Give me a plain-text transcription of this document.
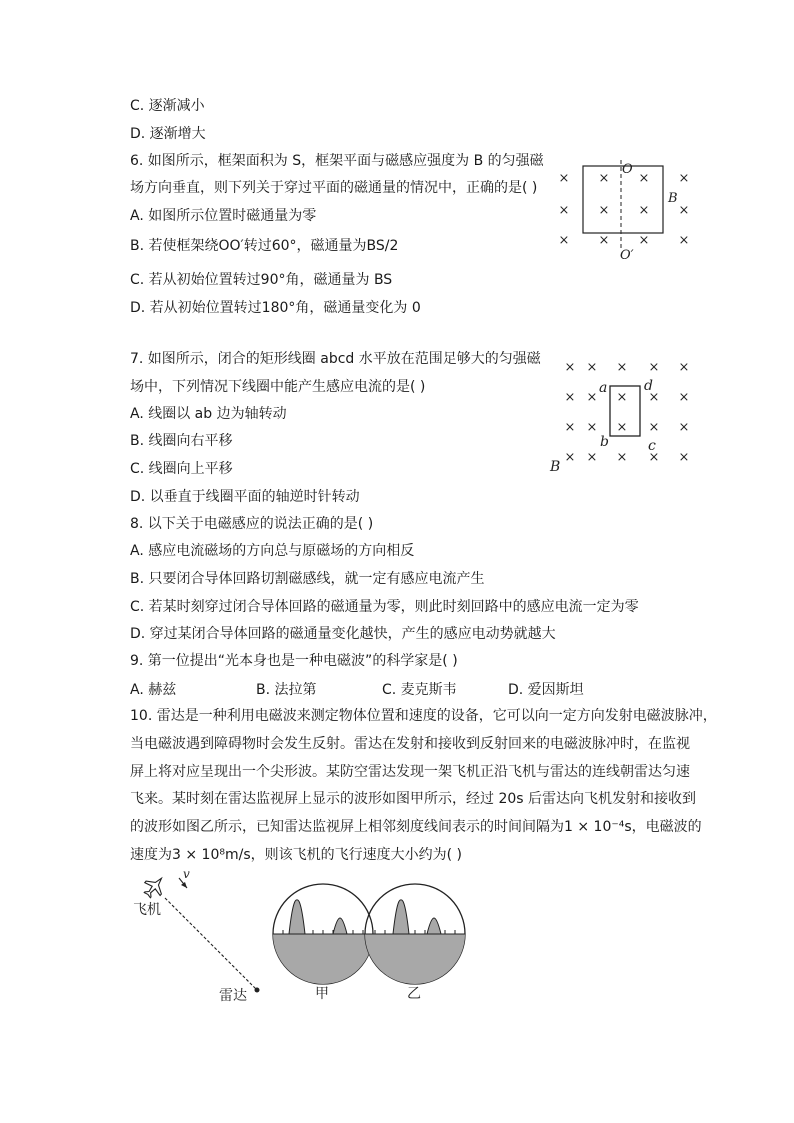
C. 逐渐减小
D. 逐渐增大
6. 如图所示，框架面积为 S，框架平面与磁感应强度为 B 的匀强磁
场方向垂直，则下列关于穿过平面的磁通量的情况中，正确的是( )
A. 如图所示位置时磁通量为零
B. 若使框架绕OO′转过60°，磁通量为BS/2
C. 若从初始位置转过90°角，磁通量为 BS
D. 若从初始位置转过180°角，磁通量变化为 0
× × × ×
× × × ×
× × × ×
O
O′
B
7. 如图所示，闭合的矩形线圈 abcd 水平放在范围足够大的匀强磁
场中，下列情况下线圈中能产生感应电流的是( )
A. 线圈以 ab 边为轴转动
B. 线圈向右平移
C. 线圈向上平移
D. 以垂直于线圈平面的轴逆时针转动
× × × × ×
× × × × ×
× × × × ×
× × × × ×
a	d
b	c
B
8. 以下关于电磁感应的说法正确的是( )
A. 感应电流磁场的方向总与原磁场的方向相反
B. 只要闭合导体回路切割磁感线，就一定有感应电流产生
C. 若某时刻穿过闭合导体回路的磁通量为零，则此时刻回路中的感应电流一定为零
D. 穿过某闭合导体回路的磁通量变化越快，产生的感应电动势就越大
9. 第一位提出“光本身也是一种电磁波”的科学家是( )
A. 赫兹	B. 法拉第	C. 麦克斯韦	D. 爱因斯坦
10. 雷达是一种利用电磁波来测定物体位置和速度的设备，它可以向一定方向发射电磁波脉冲，
当电磁波遇到障碍物时会发生反射。雷达在发射和接收到反射回来的电磁波脉冲时，在监视
屏上将对应呈现出一个尖形波。某防空雷达发现一架飞机正沿飞机与雷达的连线朝雷达匀速
飞来。某时刻在雷达监视屏上显示的波形如图甲所示，经过 20s 后雷达向飞机发射和接收到
的波形如图乙所示，已知雷达监视屏上相邻刻度线间表示的时间间隔为1 × 10⁻⁴s，电磁波的
速度为3 × 10⁸m/s，则该飞机的飞行速度大小约为( )
v
飞机
雷达	甲	乙
